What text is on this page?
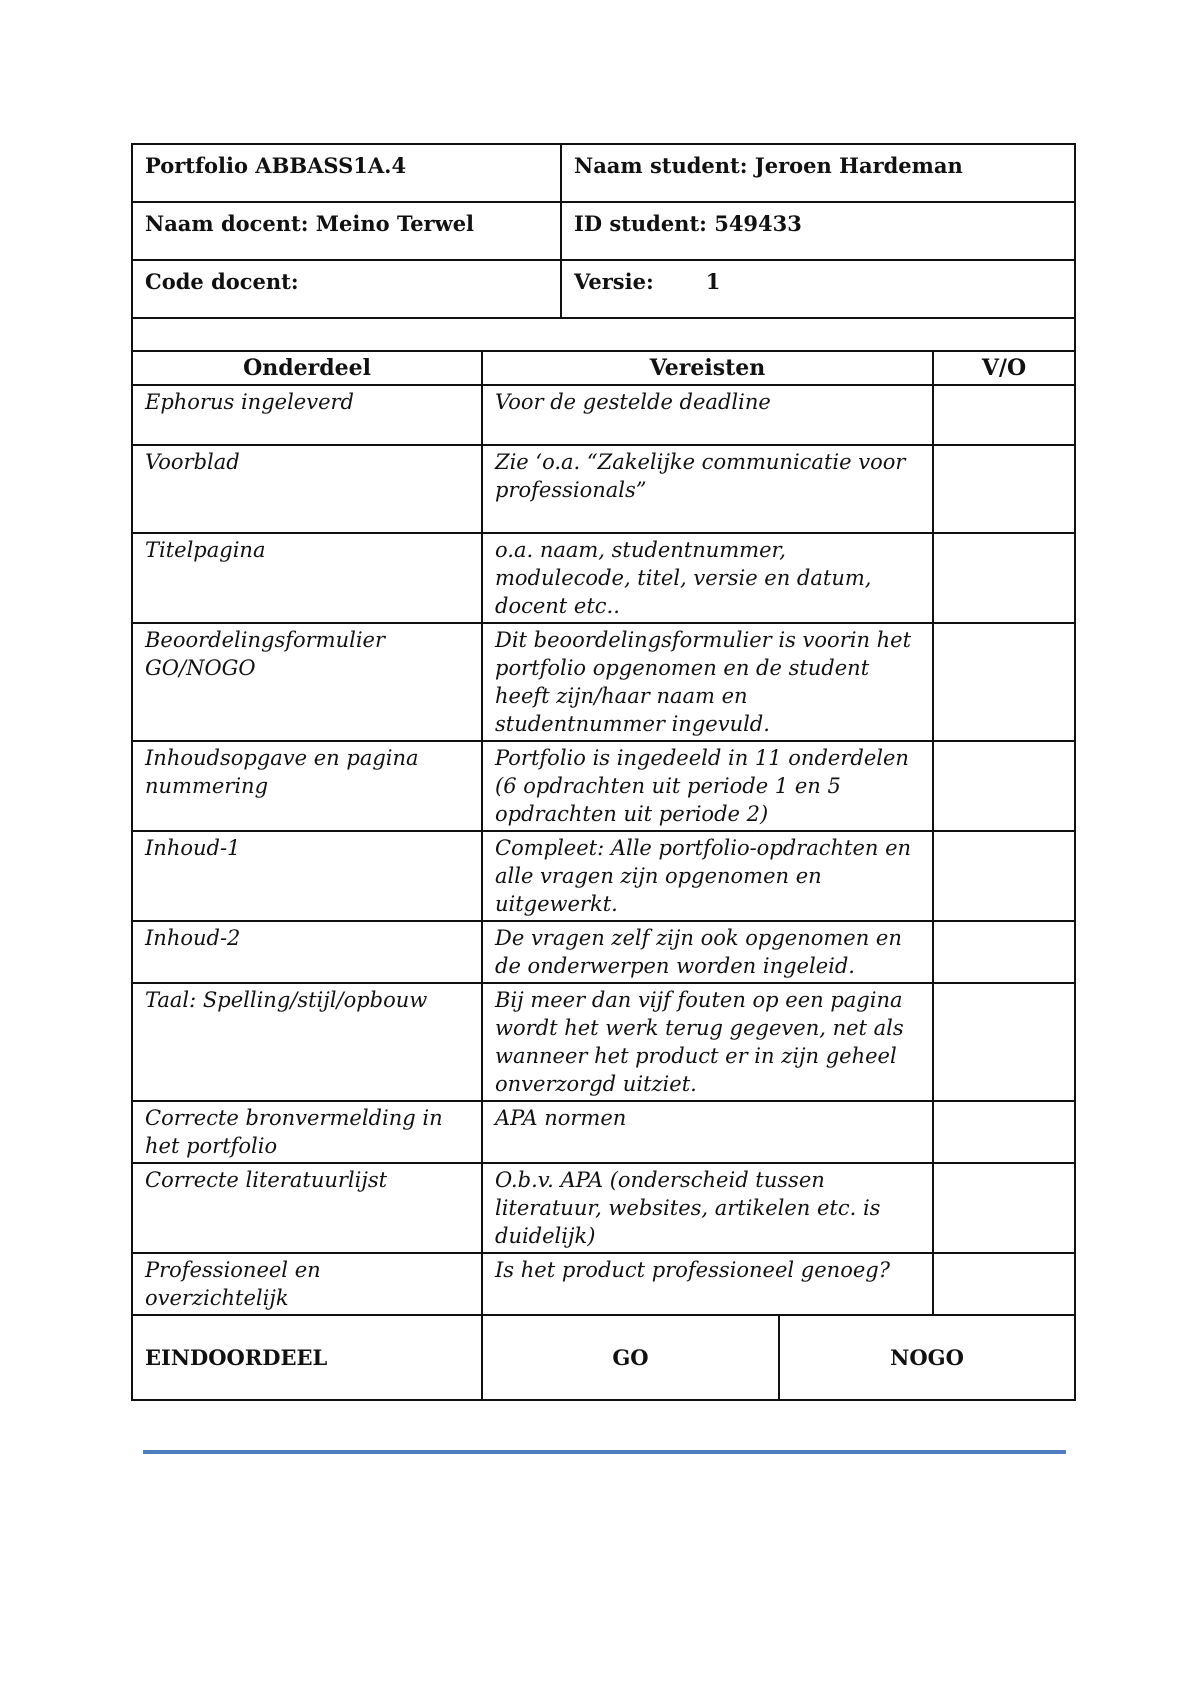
Portfolio ABBASS1A.4	Naam student: Jeroen Hardeman
Naam docent: Meino Terwel	ID student: 549433
Code docent:	Versie: 1

Onderdeel	Vereisten	V/O
Ephorus ingeleverd	Voor de gestelde deadline	
Voorblad	Zie ‘o.a. “Zakelijke communicatie voor professionals”	
Titelpagina	o.a. naam, studentnummer, modulecode, titel, versie en datum, docent etc..	
Beoordelingsformulier GO/NOGO	Dit beoordelingsformulier is voorin het portfolio opgenomen en de student heeft zijn/haar naam en studentnummer ingevuld.	
Inhoudsopgave en pagina nummering	Portfolio is ingedeeld in 11 onderdelen (6 opdrachten uit periode 1 en 5 opdrachten uit periode 2)	
Inhoud-1	Compleet: Alle portfolio-opdrachten en alle vragen zijn opgenomen en uitgewerkt.	
Inhoud-2	De vragen zelf zijn ook opgenomen en de onderwerpen worden ingeleid.	
Taal: Spelling/stijl/opbouw	Bij meer dan vijf fouten op een pagina wordt het werk terug gegeven, net als wanneer het product er in zijn geheel onverzorgd uitziet.	
Correcte bronvermelding in het portfolio	APA normen	
Correcte literatuurlijst	O.b.v. APA (onderscheid tussen literatuur, websites, artikelen etc. is duidelijk)	
Professioneel en overzichtelijk	Is het product professioneel genoeg?	
EINDOORDEEL	GO	NOGO
